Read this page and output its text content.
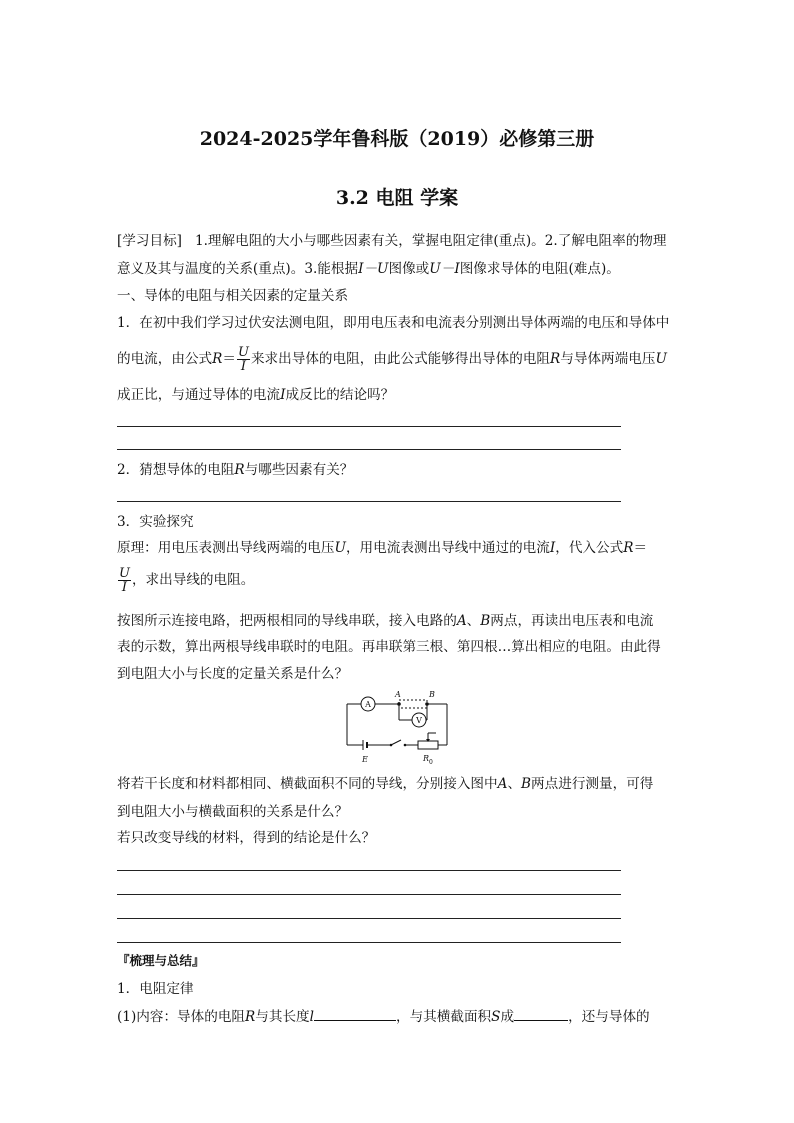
2024-2025学年鲁科版（2019）必修第三册
3.2 电阻 学案
[学习目标] 1.理解电阻的大小与哪些因素有关，掌握电阻定律(重点)。2.了解电阻率的物理
意义及其与温度的关系(重点)。3.能根据I－U图像或U－I图像求导体的电阻(难点)。
一、导体的电阻与相关因素的定量关系
1．在初中我们学习过伏安法测电阻，即用电压表和电流表分别测出导体两端的电压和导体中
的电流，由公式$R= \frac{U}{I}$ 来求出导体的电阻，由此公式能够得出导体的电阻R与导体两端电压U
成正比，与通过导体的电流I成反比的结论吗？
2．猜想导体的电阻R与哪些因素有关？
3．实验探究
原理：用电压表测出导线两端的电压U，用电流表测出导线中通过的电流I，代入公式R＝
$\frac{U}{I}$ ，求出导线的电阻。
按图所示连接电路，把两根相同的导线串联，接入电路的A、B两点，再读出电压表和电流
表的示数，算出两根导线串联时的电阻。再串联第三根、第四根…算出相应的电阻。由此得
到电阻大小与长度的定量关系是什么？
A
V
A	B
E	R 0
将若干长度和材料都相同、横截面积不同的导线，分别接入图中A、B两点进行测量，可得
到电阻大小与横截面积的关系是什么？
若只改变导线的材料，得到的结论是什么？
『梳理与总结』
1．电阻定律
(1)内容：导体的电阻R与其长度l	，与其横截面积S成	，还与导体的
